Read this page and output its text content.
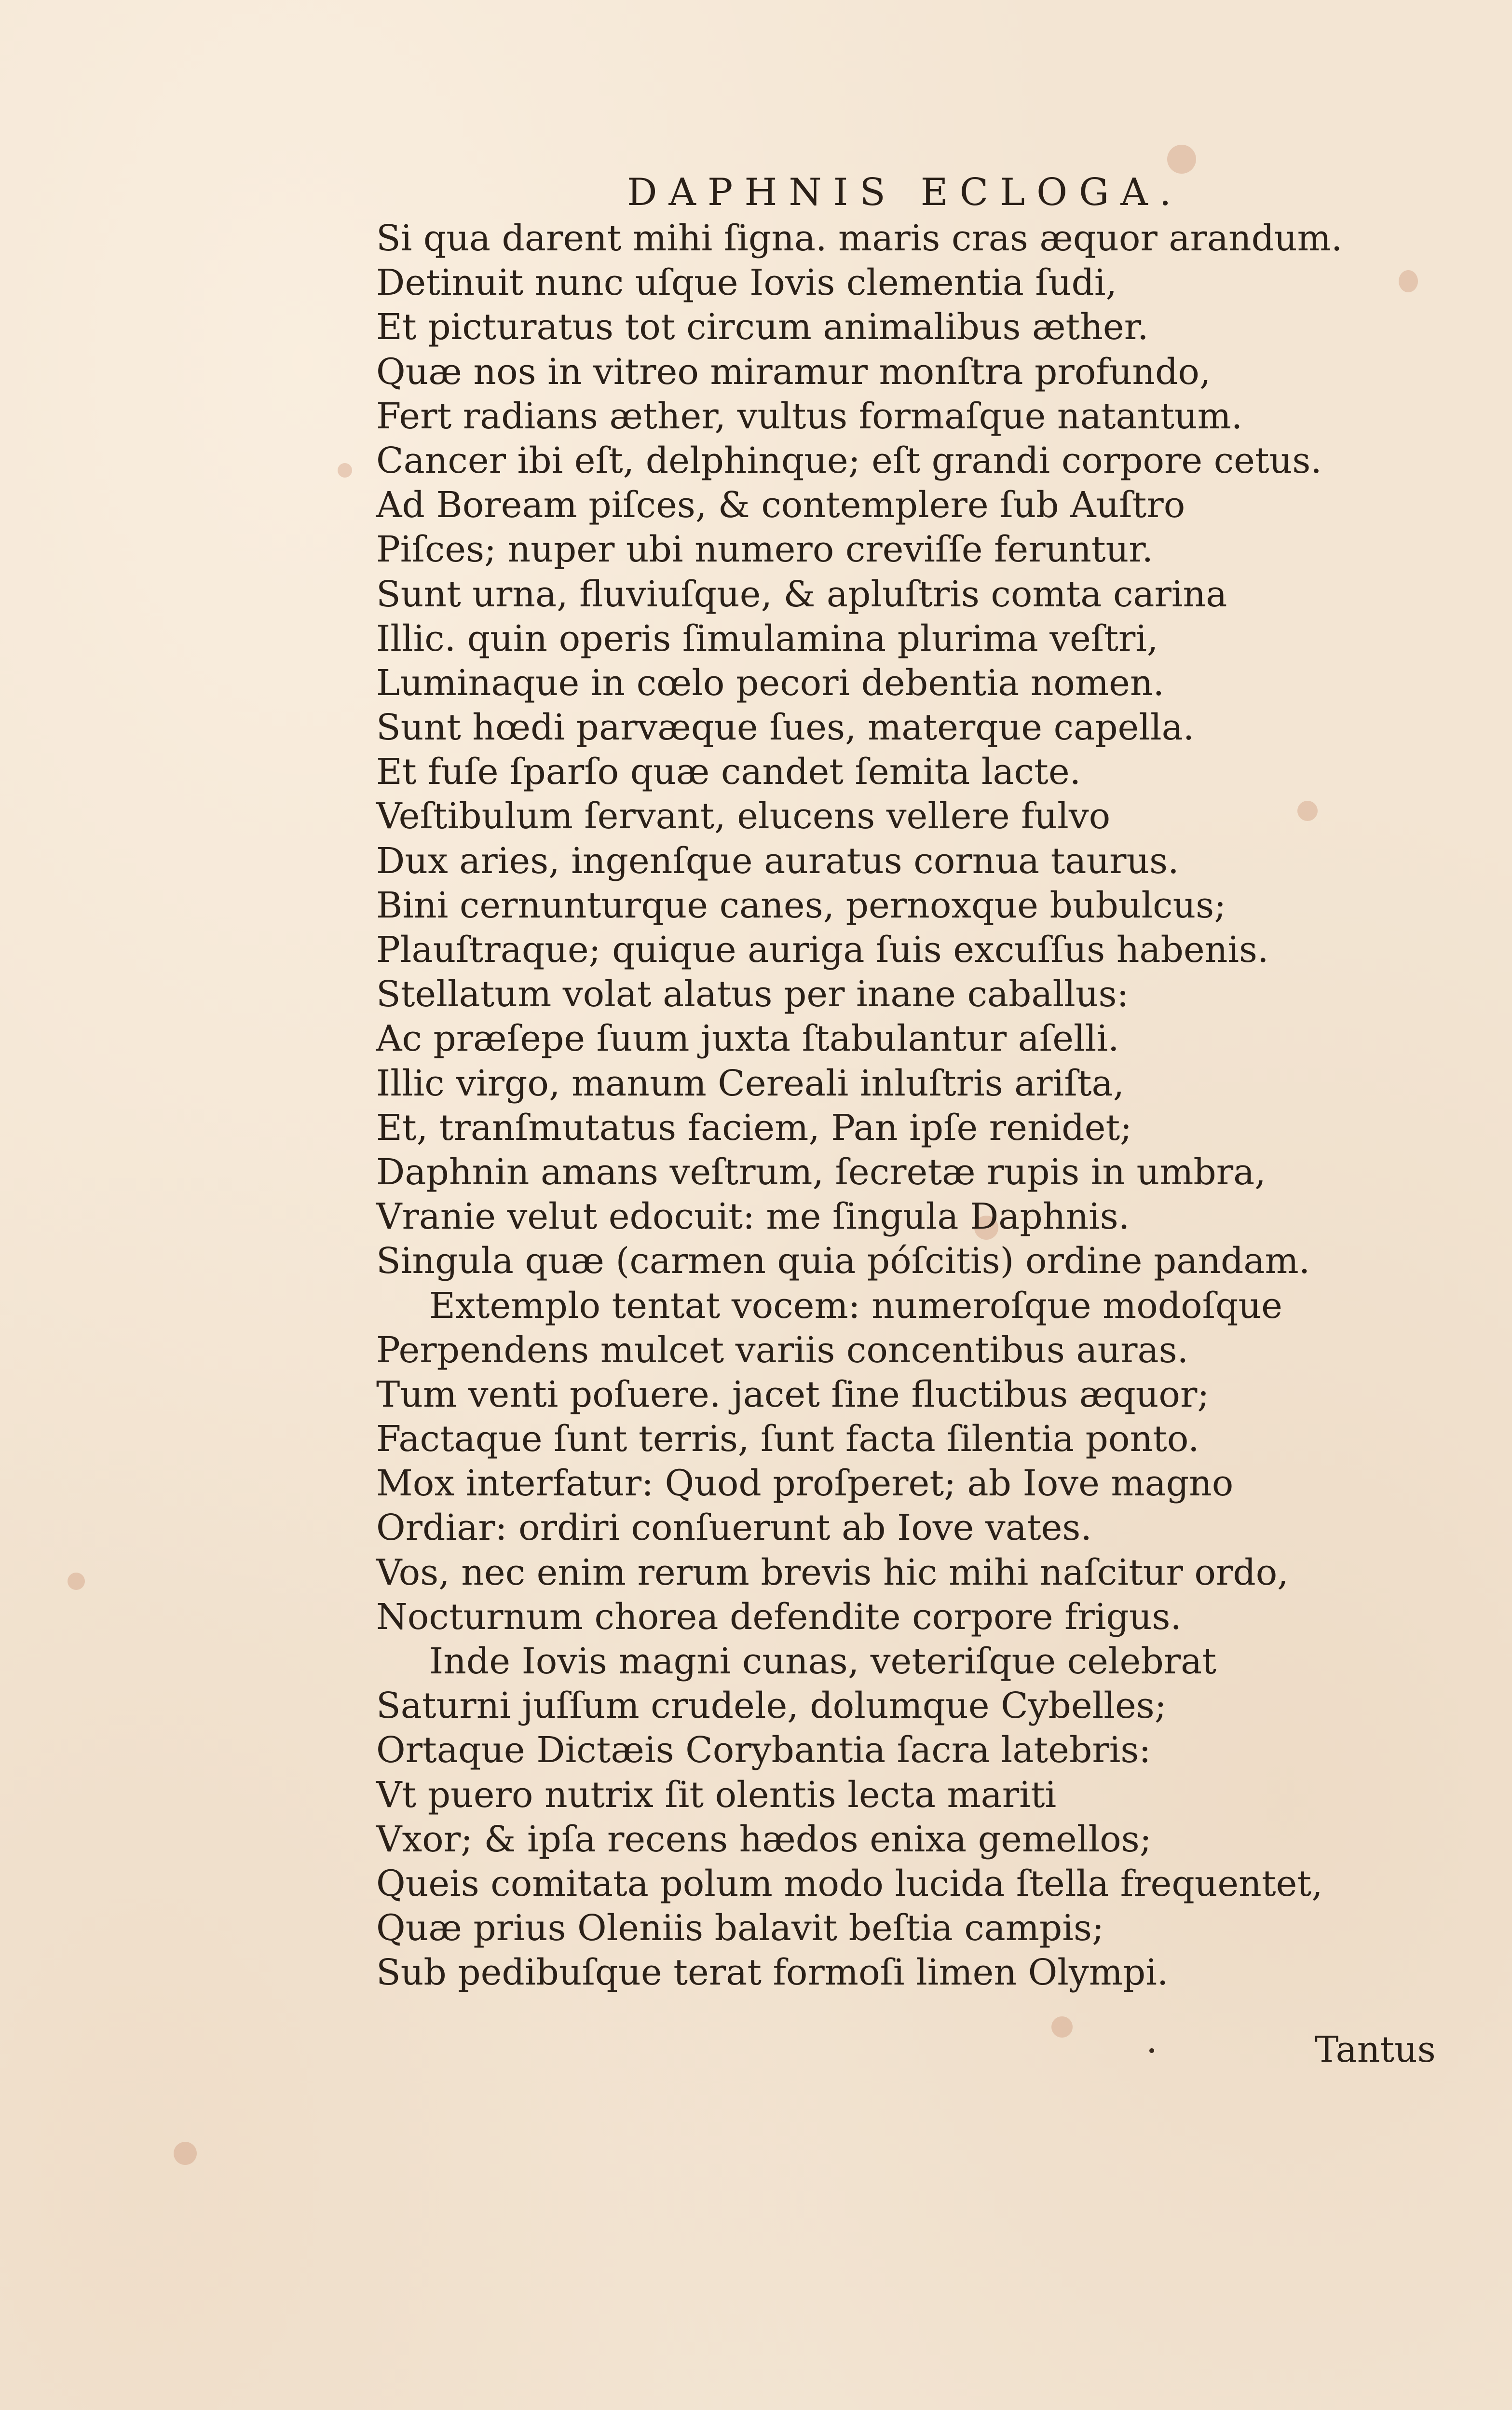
DAPHNIS ECLOGA.
Si qua darent mihi ſigna. maris cras æquor arandum.
Detinuit nunc uſque Iovis clementia ſudi,
Et picturatus tot circum animalibus æther.
Quæ nos in vitreo miramur monſtra profundo,
Fert radians æther, vultus formaſque natantum.
Cancer ibi eſt, delphinque; eſt grandi corpore cetus.
Ad Boream piſces, & contemplere ſub Auſtro
Piſces; nuper ubi numero creviſſe feruntur.
Sunt urna, fluviuſque, & apluſtris comta carina
Illic. quin operis ſimulamina plurima veſtri,
Luminaque in cœlo pecori debentia nomen.
Sunt hœdi parvæque ſues, materque capella.
Et fuſe ſparſo quæ candet ſemita lacte.
Veſtibulum ſervant, elucens vellere fulvo
Dux aries, ingenſque auratus cornua taurus.
Bini cernunturque canes, pernoxque bubulcus;
Plauſtraque; quique auriga ſuis excuſſus habenis.
Stellatum volat alatus per inane caballus:
Ac præſepe ſuum juxta ſtabulantur aſelli.
Illic virgo, manum Cereali inluſtris ariſta,
Et, tranſmutatus faciem, Pan ipſe renidet;
Daphnin amans veſtrum, ſecretæ rupis in umbra,
Vranie velut edocuit: me ſingula Daphnis.
Singula quæ (carmen quia póſcitis) ordine pandam.
Extemplo tentat vocem: numeroſque modoſque
Perpendens mulcet variis concentibus auras.
Tum venti poſuere. jacet ſine fluctibus æquor;
Factaque ſunt terris, ſunt facta ſilentia ponto.
Mox interfatur: Quod proſperet; ab Iove magno
Ordiar: ordiri conſuerunt ab Iove vates.
Vos, nec enim rerum brevis hic mihi naſcitur ordo,
Nocturnum chorea defendite corpore frigus.
Inde Iovis magni cunas, veteriſque celebrat
Saturni juſſum crudele, dolumque Cybelles;
Ortaque Dictæis Corybantia ſacra latebris:
Vt puero nutrix ſit olentis lecta mariti
Vxor; & ipſa recens hædos enixa gemellos;
Queis comitata polum modo lucida ſtella frequentet,
Quæ prius Oleniis balavit beſtia campis;
Sub pedibuſque terat formoſi limen Olympi.
Tantus
